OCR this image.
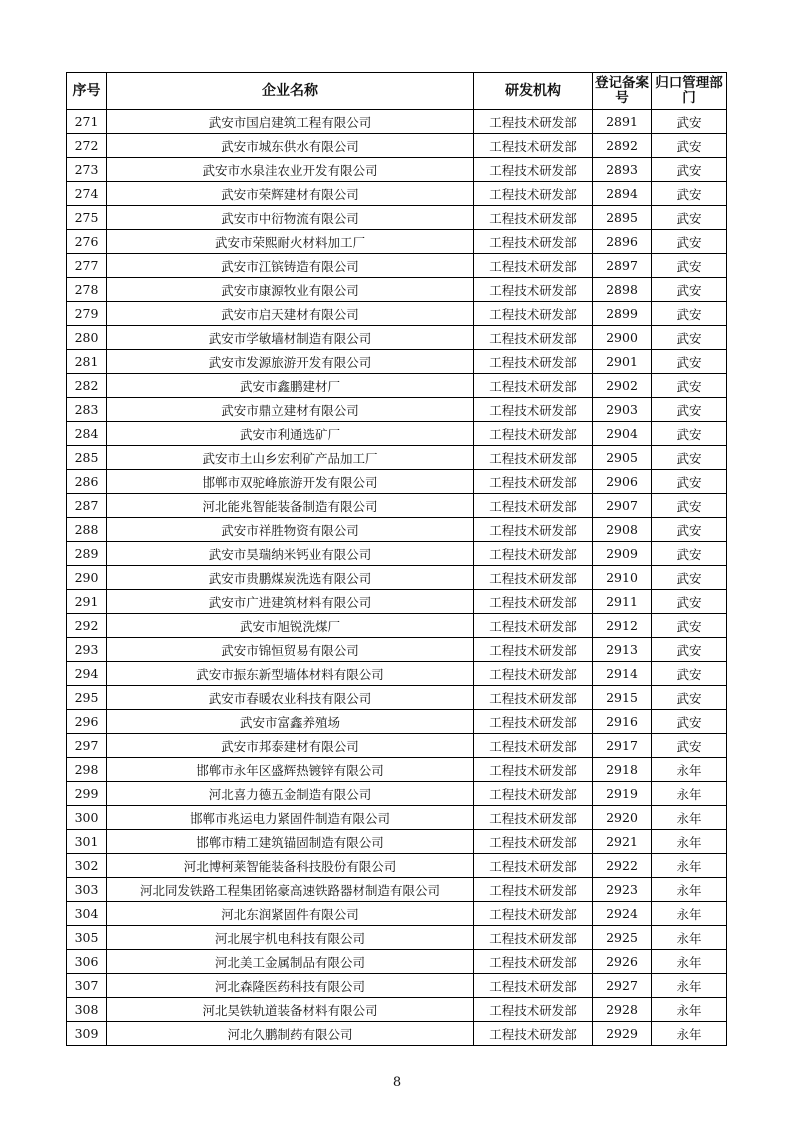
序号	企业名称	研发机构	登记备案号	归口管理部门
271	武安市国启建筑工程有限公司	工程技术研发部	2891	武安
272	武安市城东供水有限公司	工程技术研发部	2892	武安
273	武安市水泉洼农业开发有限公司	工程技术研发部	2893	武安
274	武安市荣辉建材有限公司	工程技术研发部	2894	武安
275	武安市中衍物流有限公司	工程技术研发部	2895	武安
276	武安市荣熙耐火材料加工厂	工程技术研发部	2896	武安
277	武安市江镔铸造有限公司	工程技术研发部	2897	武安
278	武安市康源牧业有限公司	工程技术研发部	2898	武安
279	武安市启天建材有限公司	工程技术研发部	2899	武安
280	武安市学敏墙材制造有限公司	工程技术研发部	2900	武安
281	武安市发源旅游开发有限公司	工程技术研发部	2901	武安
282	武安市鑫鹏建材厂	工程技术研发部	2902	武安
283	武安市鼎立建材有限公司	工程技术研发部	2903	武安
284	武安市利通选矿厂	工程技术研发部	2904	武安
285	武安市土山乡宏利矿产品加工厂	工程技术研发部	2905	武安
286	邯郸市双驼峰旅游开发有限公司	工程技术研发部	2906	武安
287	河北能兆智能装备制造有限公司	工程技术研发部	2907	武安
288	武安市祥胜物资有限公司	工程技术研发部	2908	武安
289	武安市昊瑞纳米钙业有限公司	工程技术研发部	2909	武安
290	武安市贵鹏煤炭洗选有限公司	工程技术研发部	2910	武安
291	武安市广进建筑材料有限公司	工程技术研发部	2911	武安
292	武安市旭锐洗煤厂	工程技术研发部	2912	武安
293	武安市锦恒贸易有限公司	工程技术研发部	2913	武安
294	武安市振东新型墙体材料有限公司	工程技术研发部	2914	武安
295	武安市春暖农业科技有限公司	工程技术研发部	2915	武安
296	武安市富鑫养殖场	工程技术研发部	2916	武安
297	武安市邦泰建材有限公司	工程技术研发部	2917	武安
298	邯郸市永年区盛辉热镀锌有限公司	工程技术研发部	2918	永年
299	河北喜力德五金制造有限公司	工程技术研发部	2919	永年
300	邯郸市兆运电力紧固件制造有限公司	工程技术研发部	2920	永年
301	邯郸市精工建筑锚固制造有限公司	工程技术研发部	2921	永年
302	河北博柯莱智能装备科技股份有限公司	工程技术研发部	2922	永年
303	河北同发铁路工程集团铭豪高速铁路器材制造有限公司	工程技术研发部	2923	永年
304	河北东润紧固件有限公司	工程技术研发部	2924	永年
305	河北展宇机电科技有限公司	工程技术研发部	2925	永年
306	河北美工金属制品有限公司	工程技术研发部	2926	永年
307	河北森隆医药科技有限公司	工程技术研发部	2927	永年
308	河北昊铁轨道装备材料有限公司	工程技术研发部	2928	永年
309	河北久鹏制药有限公司	工程技术研发部	2929	永年
8
